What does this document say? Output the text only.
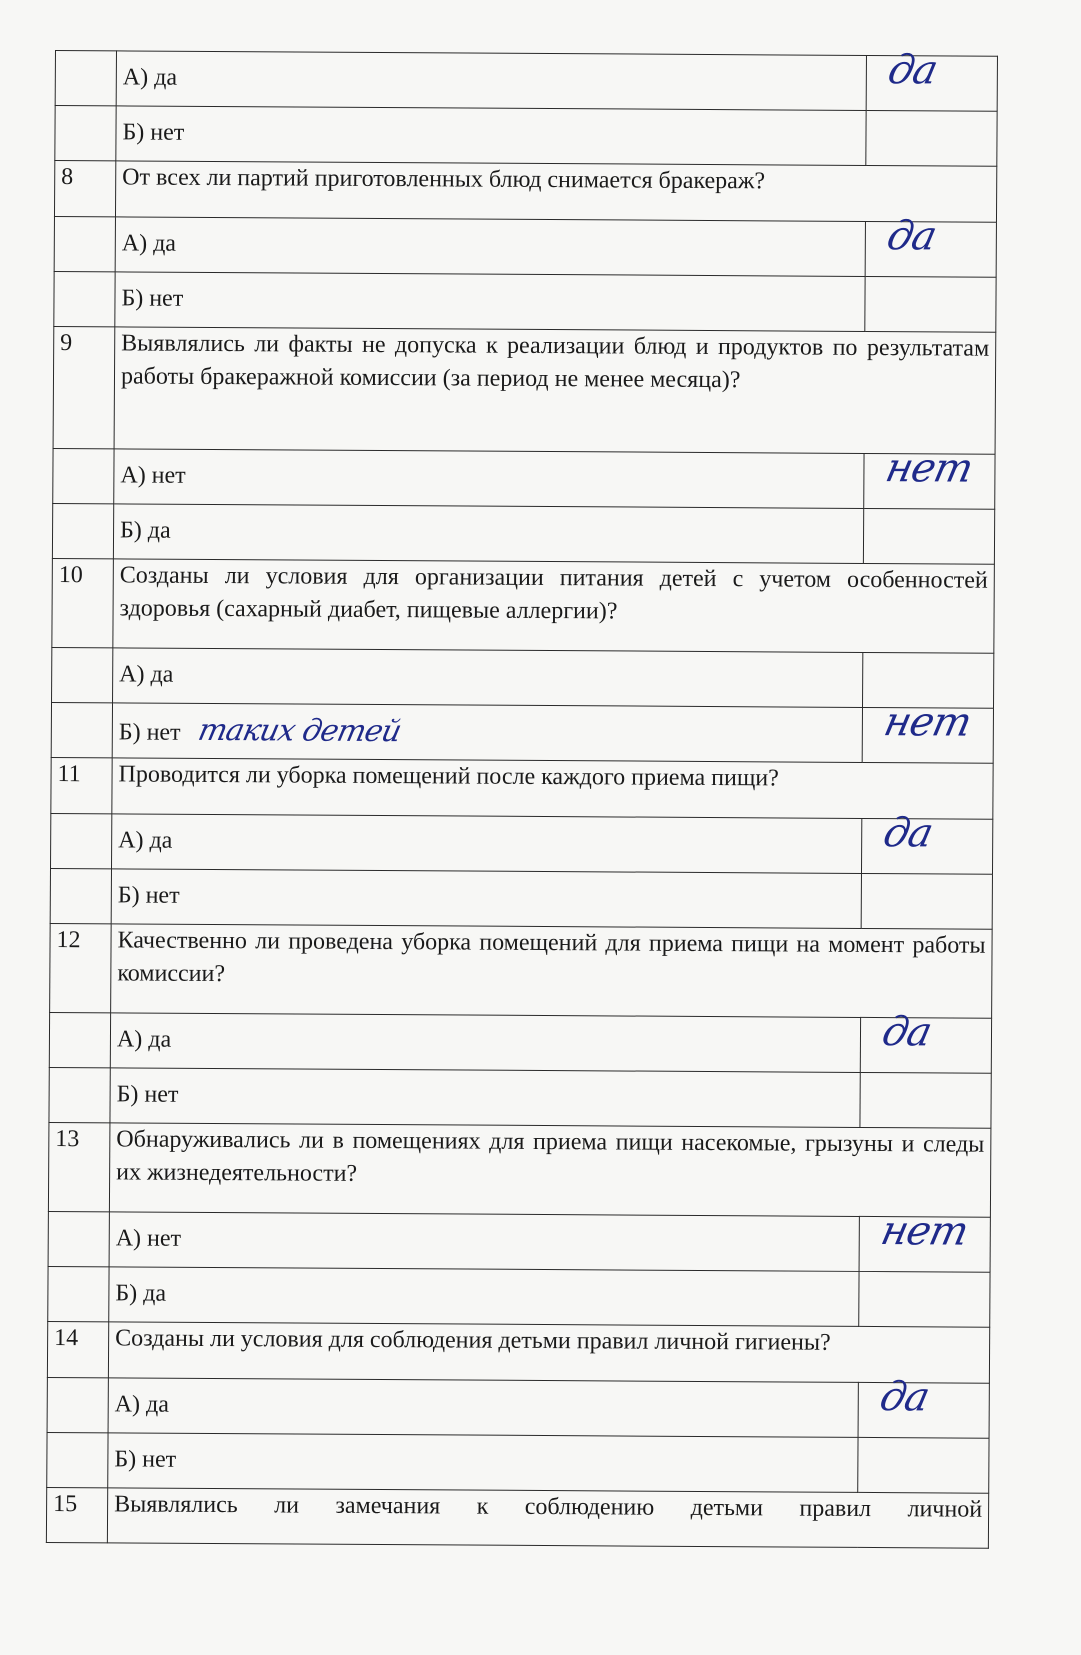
	А) да	да

	Б) нет	

8	От всех ли партий приготовленных блюд снимается бракераж?	
	А) да	да

	Б) нет	

9	Выявлялись ли факты не допуска к реализации блюд и продуктов по результатам работы бракеражной комиссии (за период не менее месяца)?	
	А) нет	нет

	Б) да	

10	Созданы ли условия для организации питания детей с учетом особенностей здоровья (сахарный диабет, пищевые аллергии)?	
	А) да	

	Б) нет таких детей	нет

11	Проводится ли уборка помещений после каждого приема пищи?	
	А) да	да

	Б) нет	

12	Качественно ли проведена уборка помещений для приема пищи на момент работы комиссии?	
	А) да	да

	Б) нет	

13	Обнаруживались ли в помещениях для приема пищи насекомые, грызуны и следы их жизнедеятельности?	
	А) нет	нет

	Б) да	

14	Созданы ли условия для соблюдения детьми правил личной гигиены?	
	А) да	да

	Б) нет	

15	Выявлялись ли замечания к соблюдению детьми правил личной	
